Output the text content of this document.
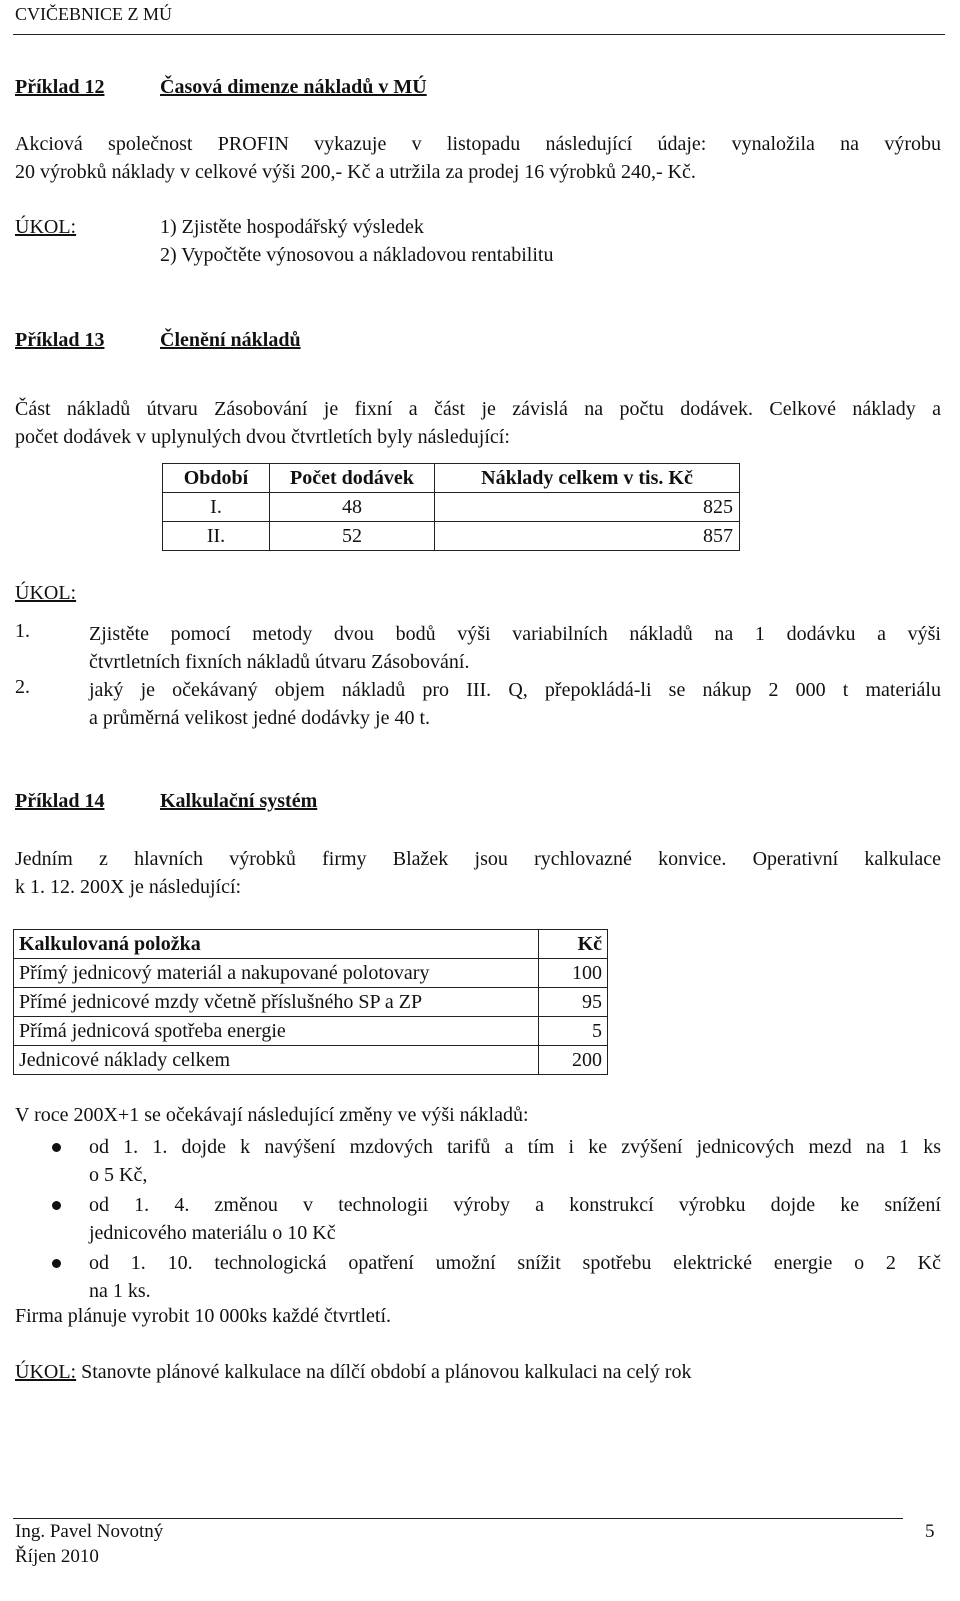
CVIČEBNICE Z MÚ
Příklad 12	Časová dimenze nákladů v MÚ
Akciová společnost PROFIN vykazuje v listopadu následující údaje: vynaložila na výrobu
20 výrobků náklady v celkové výši 200,- Kč a utržila za prodej 16 výrobků 240,- Kč.
ÚKOL:	1) Zjistěte hospodářský výsledek
2) Vypočtěte výnosovou a nákladovou rentabilitu
Příklad 13	Členění nákladů
Část nákladů útvaru Zásobování je fixní a část je závislá na počtu dodávek. Celkové náklady a
počet dodávek v uplynulých dvou čtvrtletích byly následující:
Období	Počet dodávek	Náklady celkem v tis. Kč
I.	48	825
II.	52	857
ÚKOL:
1.	Zjistěte pomocí metody dvou bodů výši variabilních nákladů na 1 dodávku a výši
čtvrtletních fixních nákladů útvaru Zásobování.
2.	jaký je očekávaný objem nákladů pro III. Q, přepokládá-li se nákup 2 000 t materiálu
a průměrná velikost jedné dodávky je 40 t.
Příklad 14	Kalkulační systém
Jedním z hlavních výrobků firmy Blažek jsou rychlovazné konvice. Operativní kalkulace
k 1. 12. 200X je následující:
Kalkulovaná položka	Kč
Přímý jednicový materiál a nakupované polotovary	100
Přímé jednicové mzdy včetně příslušného SP a ZP	95
Přímá jednicová spotřeba energie	5
Jednicové náklady celkem	200
V roce 200X+1 se očekávají následující změny ve výši nákladů:
od 1. 1. dojde k navýšení mzdových tarifů a tím i ke zvýšení jednicových mezd na 1 ks
o 5 Kč,
od 1. 4. změnou v technologii výroby a konstrukcí výrobku dojde ke snížení
jednicového materiálu o 10 Kč
od 1. 10. technologická opatření umožní snížit spotřebu elektrické energie o 2 Kč
na 1 ks.
Firma plánuje vyrobit 10 000ks každé čtvrtletí.
ÚKOL: Stanovte plánové kalkulace na dílčí období a plánovou kalkulaci na celý rok
Ing. Pavel Novotný
Říjen 2010
5
